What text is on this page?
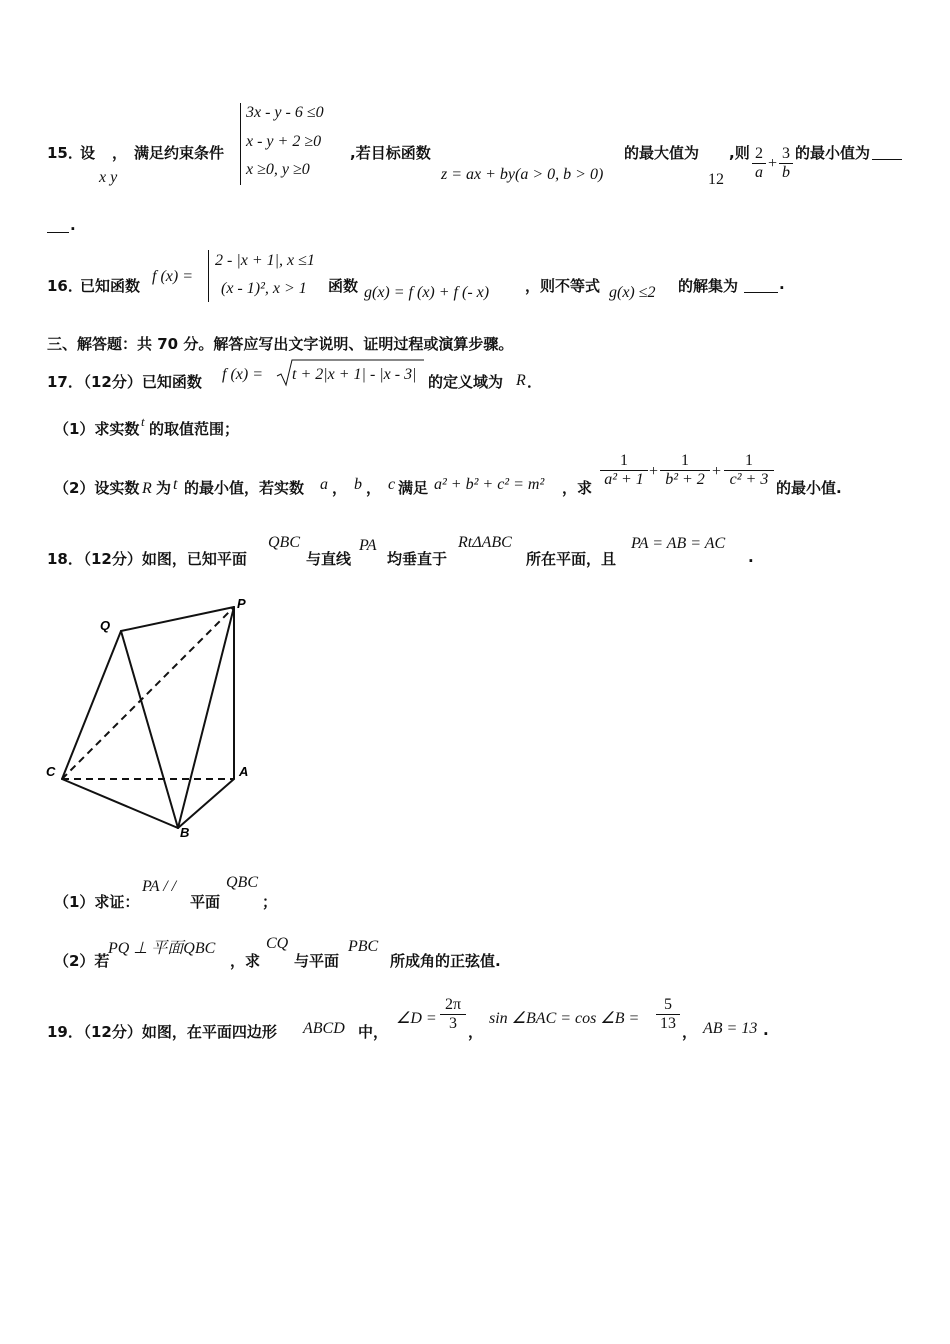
15．
设
x y
， 满足约束条件
3x - y - 6 ≤0
x - y + 2 ≥0
x ≥0, y ≥0
,若目标函数
z = ax + by(a > 0, b > 0)
的最大值为
12
,则 $\frac{2}{a} + \frac{3}{b}$ 的最小值为
.
16．
已知函数
f (x) =
2 - |x + 1|, x ≤1
(x - 1)², x > 1 函数 g(x) = f (x) + f (- x) ，则不等式 g(x) ≤2 的解集为	.
三、解答题：共 70 分。解答应写出文字说明、证明过程或演算步骤。
17．
（12分）已知函数 f (x) = t + 2|x + 1| - |x - 3| 的定义域为 R ．
（1）求实数 t 的取值范围；
（2）设实数 R 为 t 的最小值，若实数 a ， b ， c 满足 a² + b² + c² = m² ，求 $\frac{1}{\text{a² + 1}} + \frac{1}{\text{b² + 2}} + \frac{1}{\text{c² + 3}}$ 的最小值.
18．
（12分）如图，已知平面
QBC
与直线
PA
均垂直于
RtΔABC
所在平面，且
PA = AB = AC
.
P
Q
C	A
B
（1）求证：
PA / /
平面
QBC
；
（2）若
PQ ⊥ 平面QBC
，求
CQ
与平面
PBC
所成角的正弦值.
19．
（12分）如图，在平面四边形 ABCD 中，
∠D = $\frac{2\pi}{3}$ ，
sin ∠BAC = cos ∠B = $\frac{5}{13}$ ， AB = 13 .
